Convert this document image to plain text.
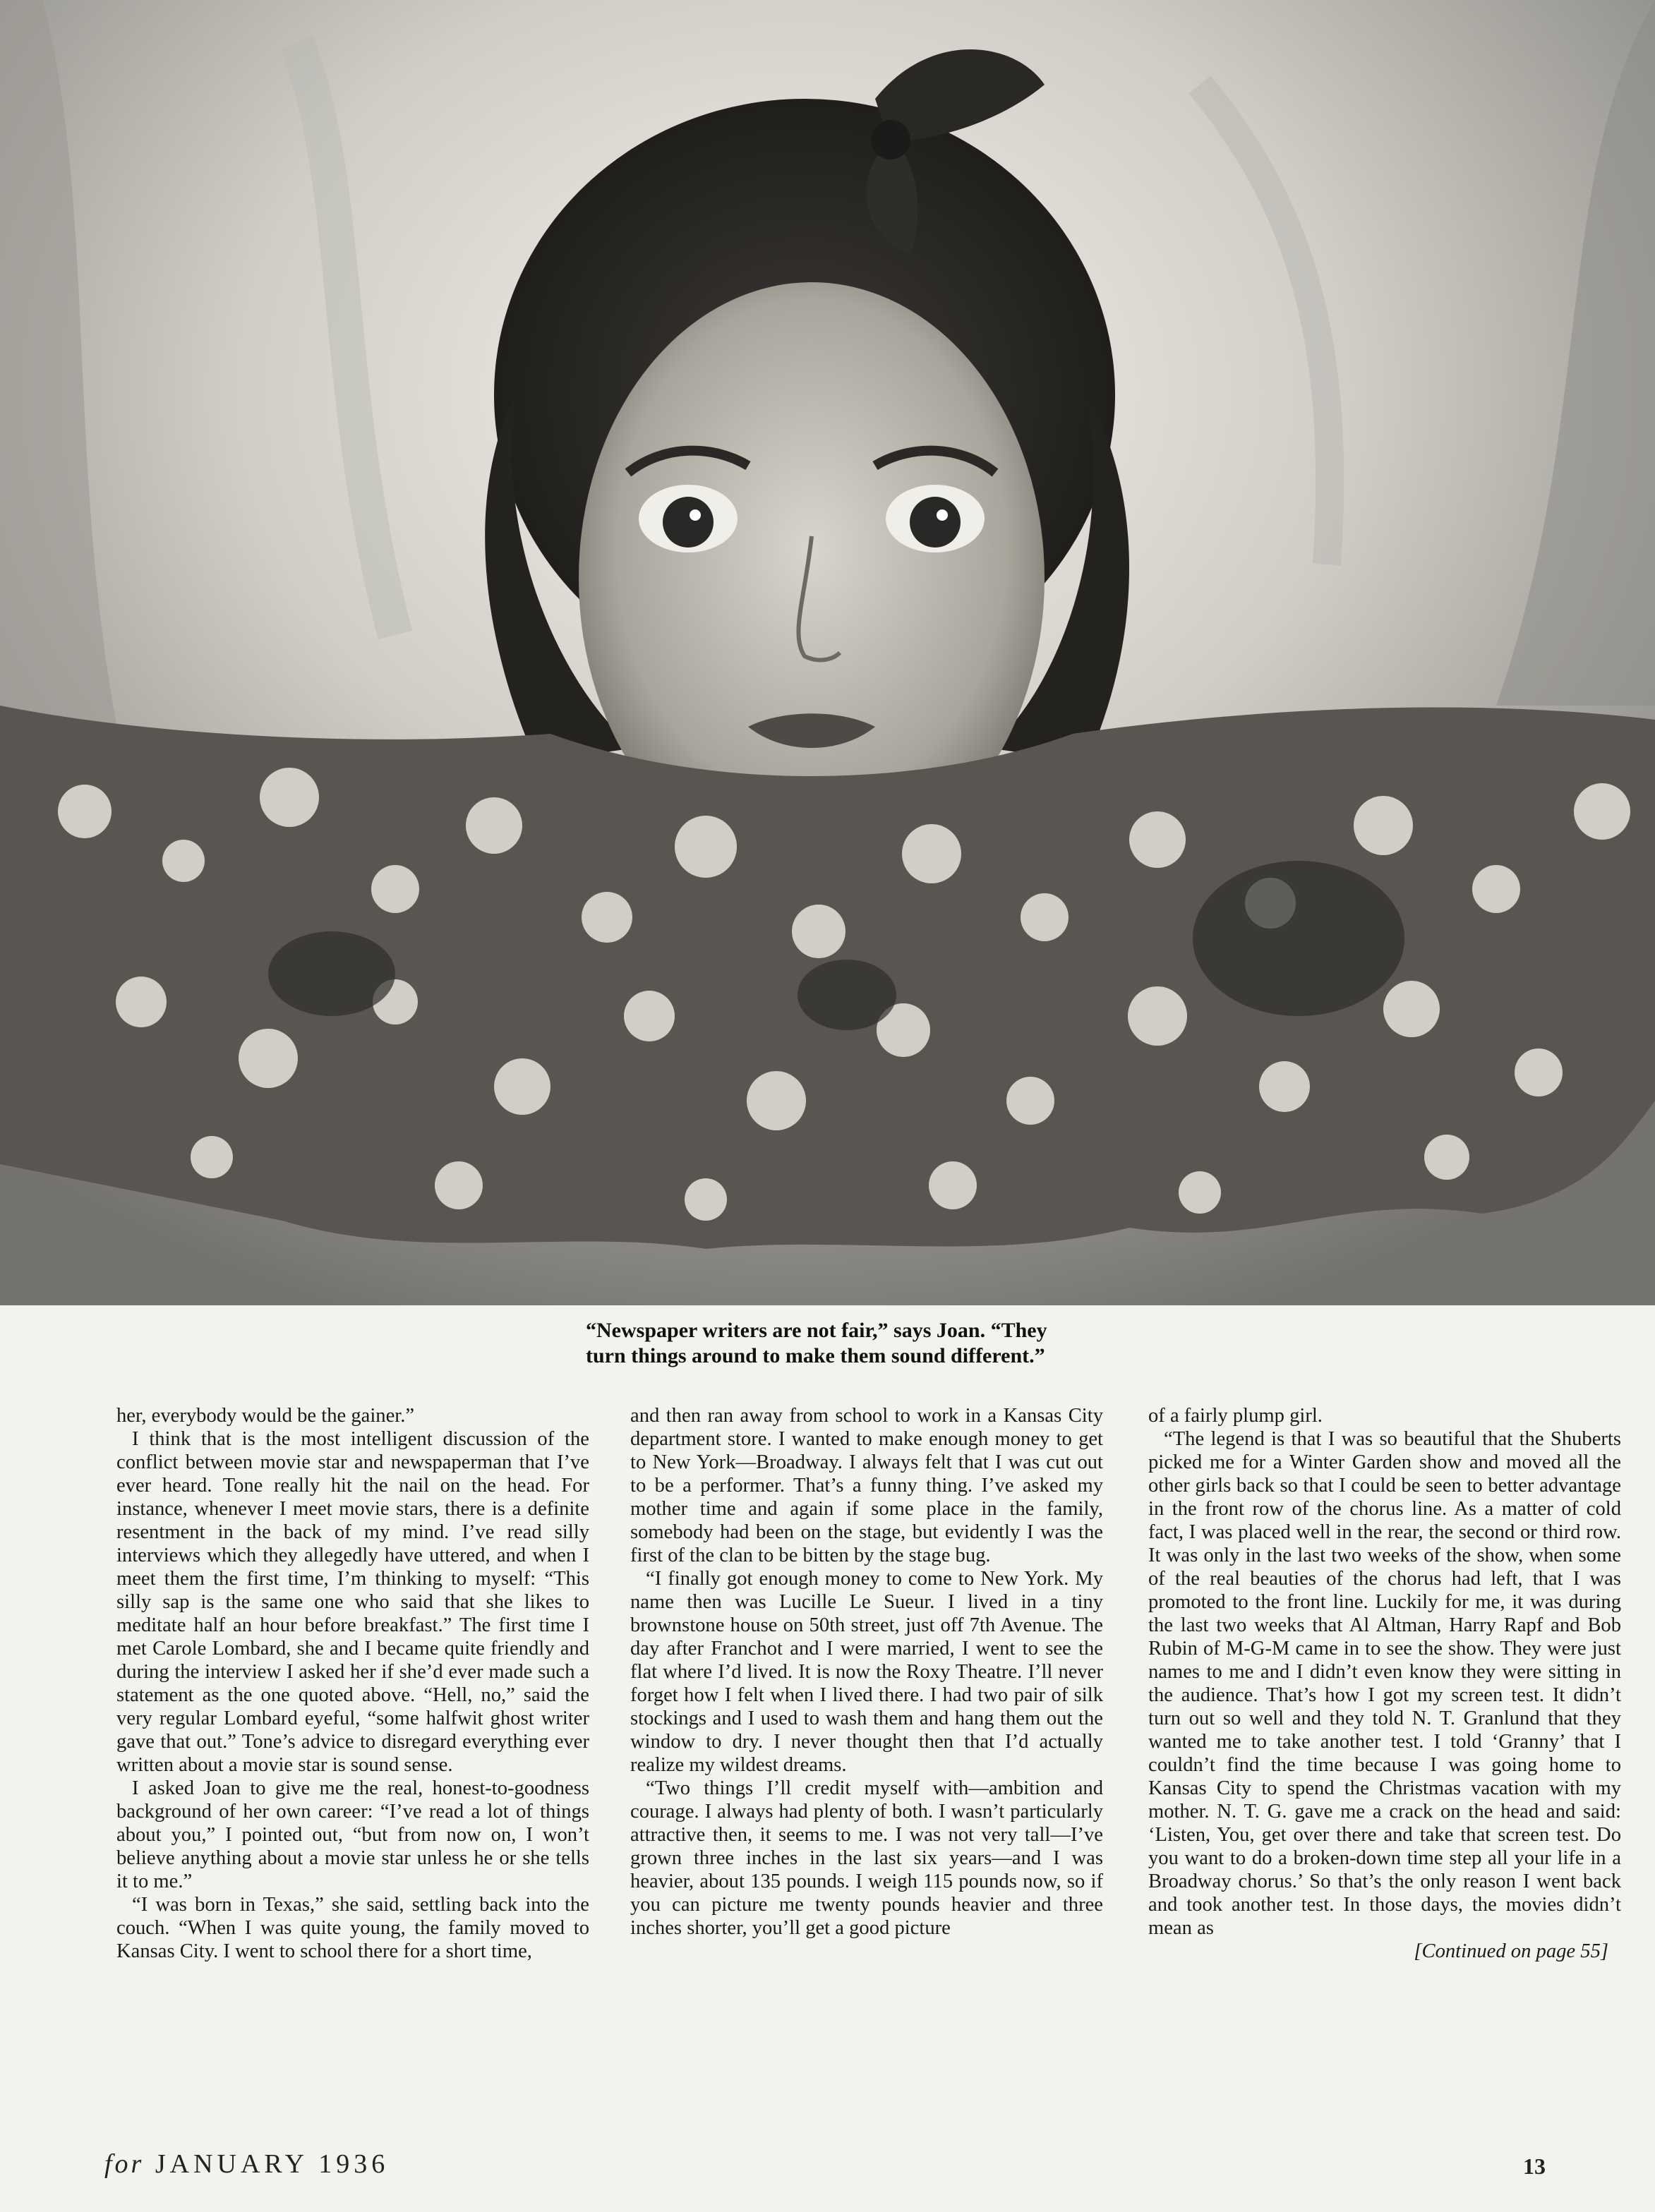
“Newspaper writers are not fair,” says Joan. “They
turn things around to make them sound different.”

her, everybody would be the gainer.”

I think that is the most intelligent discussion of the conflict between movie star and newspaperman that I’ve ever heard. Tone really hit the nail on the head. For instance, whenever I meet movie stars, there is a definite resentment in the back of my mind. I’ve read silly interviews which they allegedly have uttered, and when I meet them the first time, I’m thinking to myself: “This silly sap is the same one who said that she likes to meditate half an hour before breakfast.” The first time I met Carole Lombard, she and I became quite friendly and during the interview I asked her if she’d ever made such a statement as the one quoted above. “Hell, no,” said the very regular Lombard eyeful, “some halfwit ghost writer gave that out.” Tone’s advice to disregard everything ever written about a movie star is sound sense.

I asked Joan to give me the real, honest-to-goodness background of her own career: “I’ve read a lot of things about you,” I pointed out, “but from now on, I won’t believe anything about a movie star unless he or she tells it to me.”

“I was born in Texas,” she said, settling back into the couch. “When I was quite young, the family moved to Kansas City. I went to school there for a short time,

and then ran away from school to work in a Kansas City department store. I wanted to make enough money to get to New York—Broadway. I always felt that I was cut out to be a performer. That’s a funny thing. I’ve asked my mother time and again if some place in the family, somebody had been on the stage, but evidently I was the first of the clan to be bitten by the stage bug.

“I finally got enough money to come to New York. My name then was Lucille Le Sueur. I lived in a tiny brownstone house on 50th street, just off 7th Avenue. The day after Franchot and I were married, I went to see the flat where I’d lived. It is now the Roxy Theatre. I’ll never forget how I felt when I lived there. I had two pair of silk stockings and I used to wash them and hang them out the window to dry. I never thought then that I’d actually realize my wildest dreams.

“Two things I’ll credit myself with—ambition and courage. I always had plenty of both. I wasn’t particularly attractive then, it seems to me. I was not very tall—I’ve grown three inches in the last six years—and I was heavier, about 135 pounds. I weigh 115 pounds now, so if you can picture me twenty pounds heavier and three inches shorter, you’ll get a good picture

of a fairly plump girl.

“The legend is that I was so beautiful that the Shuberts picked me for a Winter Garden show and moved all the other girls back so that I could be seen to better advantage in the front row of the chorus line. As a matter of cold fact, I was placed well in the rear, the second or third row. It was only in the last two weeks of the show, when some of the real beauties of the chorus had left, that I was promoted to the front line. Luckily for me, it was during the last two weeks that Al Altman, Harry Rapf and Bob Rubin of M-G-M came in to see the show. They were just names to me and I didn’t even know they were sitting in the audience. That’s how I got my screen test. It didn’t turn out so well and they told N. T. Granlund that they wanted me to take another test. I told ‘Granny’ that I couldn’t find the time because I was going home to Kansas City to spend the Christmas vacation with my mother. N. T. G. gave me a crack on the head and said: ‘Listen, You, get over there and take that screen test. Do you want to do a broken-down time step all your life in a Broadway chorus.’ So that’s the only reason I went back and took another test. In those days, the movies didn’t mean as

[Continued on page 55]

for JANUARY 1936	13
